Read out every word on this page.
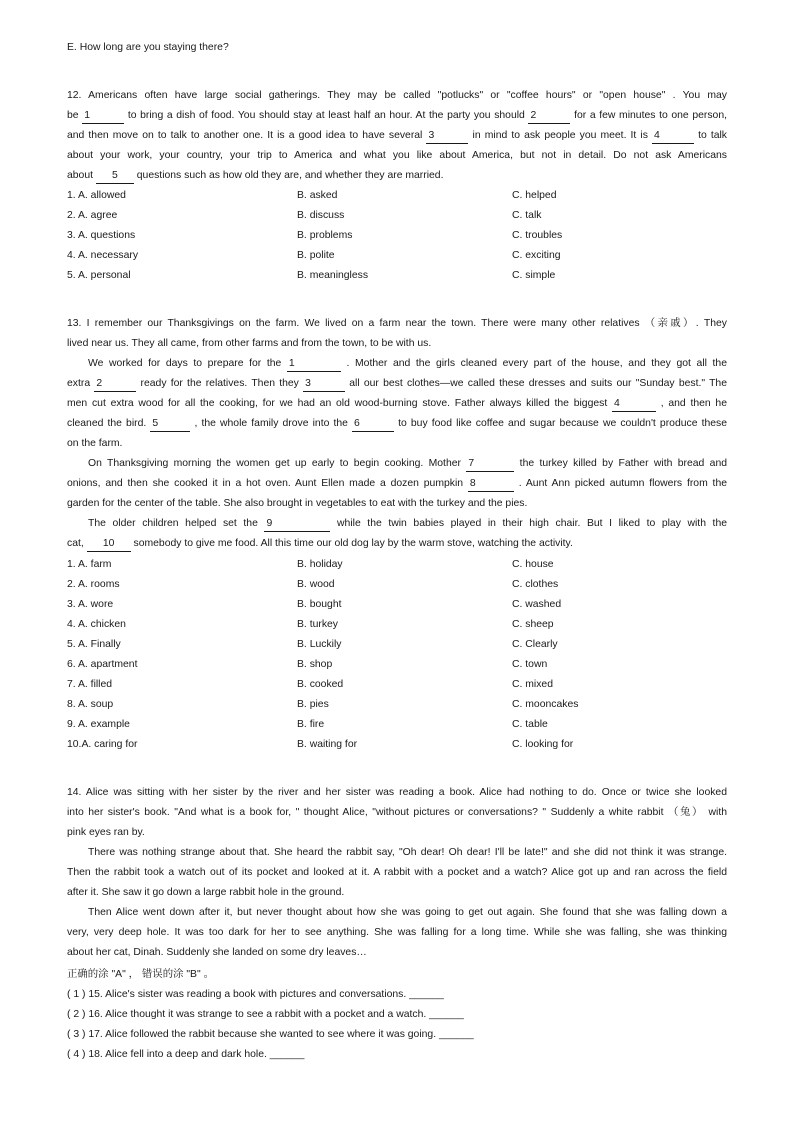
E. How long are you staying there?
12. Americans often have large social gatherings. They may be called "potlucks" or "coffee hours" or "open house" . You may
be 1	to bring a dish of food. You should stay at least half an hour. At the party you should 2	for a few minutes to one person,
and then move on to talk to another one. It is a good idea to have several 3	in mind to ask people you meet. It is 4	to talk
about your work, your country, your trip to America and what you like about America, but not in detail. Do not ask Americans
about 5 questions such as how old they are, and whether they are married.
1. A. allowed	B. asked	C. helped
2. A. agree	B. discuss	C. talk
3. A. questions	B. problems	C. troubles
4. A. necessary	B. polite	C. exciting
5. A. personal	B. meaningless	C. simple
13. I remember our Thanksgivings on the farm. We lived on a farm near the town. There were many other relatives （亲戚）. They
lived near us. They all came, from other farms and from the town, to be with us.
We worked for days to prepare for the 1	. Mother and the girls cleaned every part of the house, and they got all the
extra 2	ready for the relatives. Then they 3	all our best clothes—we called these dresses and suits our "Sunday best." The
men cut extra wood for all the cooking, for we had an old wood-burning stove. Father always killed the biggest 4	, and then he
cleaned the bird. 5	, the whole family drove into the 6	to buy food like coffee and sugar because we couldn't produce these
on the farm.
On Thanksgiving morning the women get up early to begin cooking. Mother 7	the turkey killed by Father with bread and
onions, and then she cooked it in a hot oven. Aunt Ellen made a dozen pumpkin 8	. Aunt Ann picked autumn flowers from the
garden for the center of the table. She also brought in vegetables to eat with the turkey and the pies.
The older children helped set the 9	while the twin babies played in their high chair. But I liked to play with the
cat, 10 somebody to give me food. All this time our old dog lay by the warm stove, watching the activity.
1. A. farm	B. holiday	C. house
2. A. rooms	B. wood	C. clothes
3. A. wore	B. bought	C. washed
4. A. chicken	B. turkey	C. sheep
5. A. Finally	B. Luckily	C. Clearly
6. A. apartment	B. shop	C. town
7. A. filled	B. cooked	C. mixed
8. A. soup	B. pies	C. mooncakes
9. A. example	B. fire	C. table
10.A. caring for	B. waiting for	C. looking for
14. Alice was sitting with her sister by the river and her sister was reading a book. Alice had nothing to do. Once or twice she looked
into her sister's book. "And what is a book for, " thought Alice, "without pictures or conversations? " Suddenly a white rabbit （兔） with
pink eyes ran by.
There was nothing strange about that. She heard the rabbit say, "Oh dear! Oh dear! I'll be late!" and she did not think it was strange.
Then the rabbit took a watch out of its pocket and looked at it. A rabbit with a pocket and a watch? Alice got up and ran across the field
after it. She saw it go down a large rabbit hole in the ground.
Then Alice went down after it, but never thought about how she was going to get out again. She found that she was falling down a
very, very deep hole. It was too dark for her to see anything. She was falling for a long time. While she was falling, she was thinking
about her cat, Dinah. Suddenly she landed on some dry leaves…
正确的涂 "A" ， 错误的涂 "B" 。
( 1 ) 15. Alice's sister was reading a book with pictures and conversations. ______
( 2 ) 16. Alice thought it was strange to see a rabbit with a pocket and a watch. ______
( 3 ) 17. Alice followed the rabbit because she wanted to see where it was going. ______
( 4 ) 18. Alice fell into a deep and dark hole. ______
